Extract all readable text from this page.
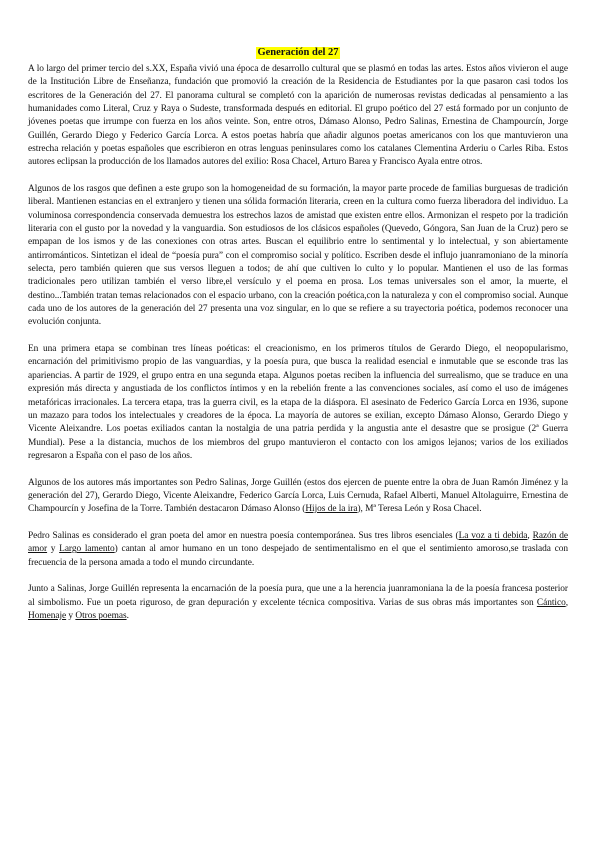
Generación del 27

A lo largo del primer tercio del s.XX, España vivió una época de desarrollo cultural que se plasmó en todas las artes. Estos años vivieron el auge de la Institución Libre de Enseñanza, fundación que promovió la creación de la Residencia de Estudiantes por la que pasaron casi todos los escritores de la Generación del 27. El panorama cultural se completó con la aparición de numerosas revistas dedicadas al pensamiento a las humanidades como Literal, Cruz y Raya o Sudeste, transformada después en editorial. El grupo poético del 27 está formado por un conjunto de jóvenes poetas que irrumpe con fuerza en los años veinte. Son, entre otros, Dámaso Alonso, Pedro Salinas, Ernestina de Champourcín, Jorge Guillén, Gerardo Diego y Federico García Lorca. A estos poetas habría que añadir algunos poetas americanos con los que mantuvieron una estrecha relación y poetas españoles que escribieron en otras lenguas peninsulares como los catalanes Clementina Arderiu o Carles Riba. Estos autores eclipsan la producción de los llamados autores del exilio: Rosa Chacel, Arturo Barea y Francisco Ayala entre otros.

Algunos de los rasgos que definen a este grupo son la homogeneidad de su formación, la mayor parte procede de familias burguesas de tradición liberal. Mantienen estancias en el extranjero y tienen una sólida formación literaria, creen en la cultura como fuerza liberadora del individuo. La voluminosa correspondencia conservada demuestra los estrechos lazos de amistad que existen entre ellos. Armonizan el respeto por la tradición literaria con el gusto por la novedad y la vanguardia. Son estudiosos de los clásicos españoles (Quevedo, Góngora, San Juan de la Cruz) pero se empapan de los ismos y de las conexiones con otras artes. Buscan el equilibrio entre lo sentimental y lo intelectual, y son abiertamente antirrománticos. Sintetizan el ideal de “poesía pura” con el compromiso social y político. Escriben desde el influjo juanramoniano de la minoría selecta, pero también quieren que sus versos lleguen a todos; de ahí que cultiven lo culto y lo popular. Mantienen el uso de las formas tradicionales pero utilizan también el verso libre,el versículo y el poema en prosa. Los temas universales son el amor, la muerte, el destino...También tratan temas relacionados con el espacio urbano, con la creación poética,con la naturaleza y con el compromiso social. Aunque cada uno de los autores de la generación del 27 presenta una voz singular, en lo que se refiere a su trayectoria poética, podemos reconocer una evolución conjunta.

En una primera etapa se combinan tres líneas poéticas: el creacionismo, en los primeros títulos de Gerardo Diego, el neopopularismo, encarnación del primitivismo propio de las vanguardias, y la poesía pura, que busca la realidad esencial e inmutable que se esconde tras las apariencias. A partir de 1929, el grupo entra en una segunda etapa. Algunos poetas reciben la influencia del surrealismo, que se traduce en una expresión más directa y angustiada de los conflictos íntimos y en la rebelión frente a las convenciones sociales, así como el uso de imágenes metafóricas irracionales. La tercera etapa, tras la guerra civil, es la etapa de la diáspora. El asesinato de Federico García Lorca en 1936, supone un mazazo para todos los intelectuales y creadores de la época. La mayoría de autores se exilian, excepto Dámaso Alonso, Gerardo Diego y Vicente Aleixandre. Los poetas exiliados cantan la nostalgia de una patria perdida y la angustia ante el desastre que se prosigue (2ª Guerra Mundial). Pese a la distancia, muchos de los miembros del grupo mantuvieron el contacto con los amigos lejanos; varios de los exiliados regresaron a España con el paso de los años.

Algunos de los autores más importantes son Pedro Salinas, Jorge Guillén (estos dos ejercen de puente entre la obra de Juan Ramón Jiménez y la generación del 27), Gerardo Diego, Vicente Aleixandre, Federico García Lorca, Luis Cernuda, Rafael Alberti, Manuel Altolaguirre, Ernestina de Champourcín y Josefina de la Torre. También destacaron Dámaso Alonso (Hijos de la ira), Mª Teresa León y Rosa Chacel.

Pedro Salinas es considerado el gran poeta del amor en nuestra poesía contemporánea. Sus tres libros esenciales (La voz a ti debida, Razón de amor y Largo lamento) cantan al amor humano en un tono despejado de sentimentalismo en el que el sentimiento amoroso,se traslada con frecuencia de la persona amada a todo el mundo circundante.

Junto a Salinas, Jorge Guillén representa la encarnación de la poesía pura, que une a la herencia juanramoniana la de la poesía francesa posterior al simbolismo. Fue un poeta riguroso, de gran depuración y excelente técnica compositiva. Varias de sus obras más importantes son Cántico, Homenaje y Otros poemas.
